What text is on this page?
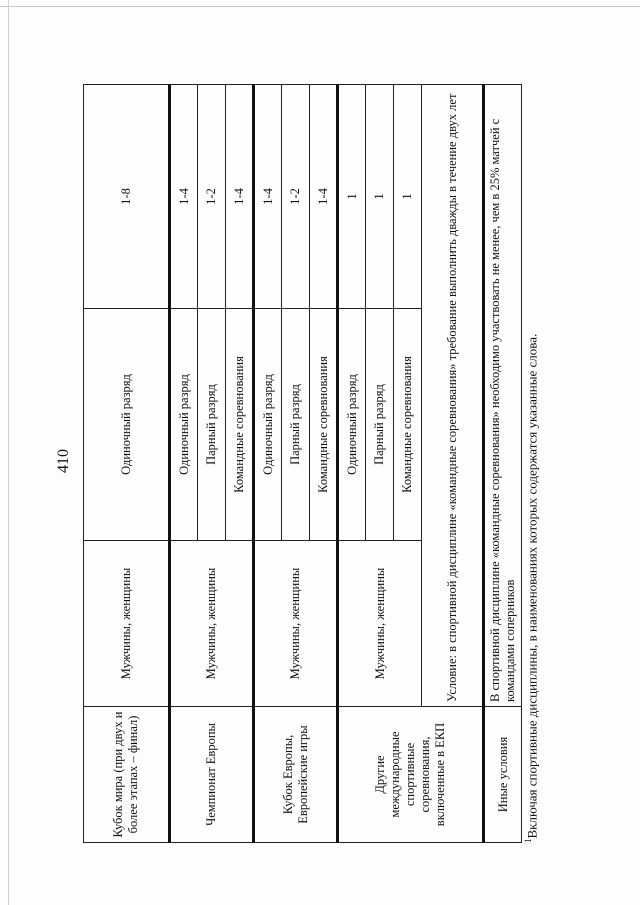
410
Кубок мира (при двух и более этапах – финал)	Мужчины, женщины	Одиночный разряд	1-8
Чемпионат Европы	Мужчины, женщины	Одиночный разряд	1-4
		Парный разряд	1-2
		Командные соревнования	1-4
Кубок Европы, Европейские игры	Мужчины, женщины	Одиночный разряд	1-4
		Парный разряд	1-2
		Командные соревнования	1-4
Другие международные спортивные соревнования, включенные в ЕКП	Мужчины, женщины	Одиночный разряд	1
		Парный разряд	1
		Командные соревнования	1
	Условие: в спортивной дисциплине «командные соревнования» требование выполнить дважды в течение двух лет		
Иные условия	В спортивной дисциплине «командные соревнования» необходимо участвовать не менее, чем в 25% матчей с командами соперников		
$^1$Включая спортивные дисциплины, в наименованиях которых содержатся указанные слова.
